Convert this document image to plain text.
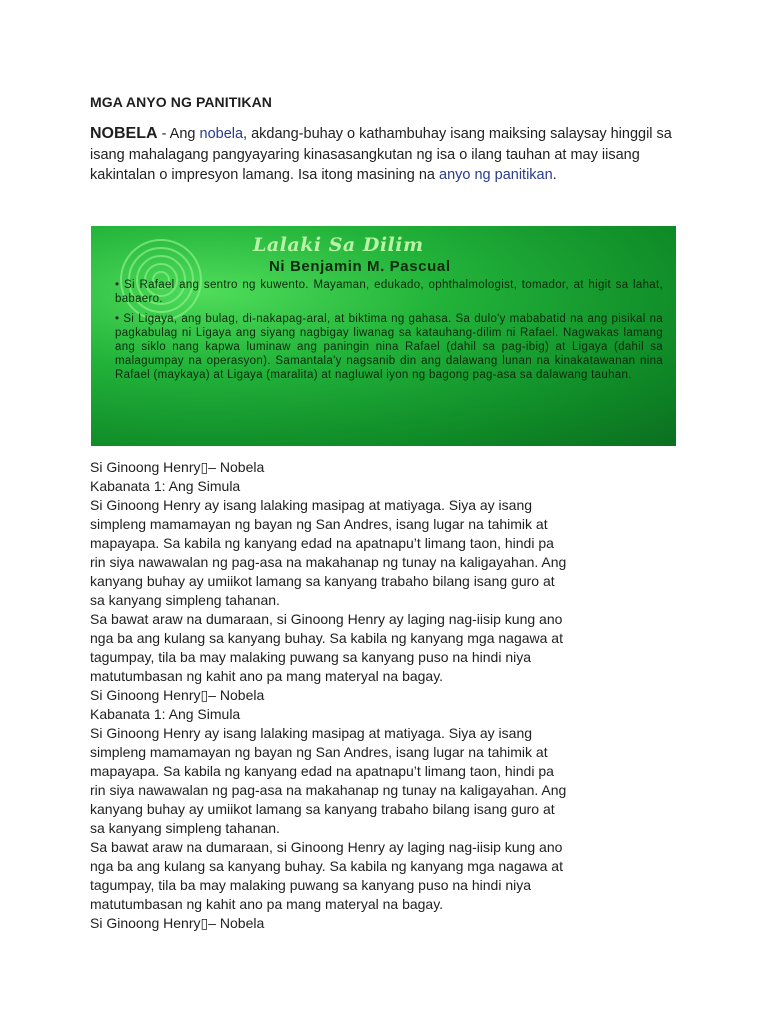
MGA ANYO NG PANITIKAN
NOBELA - Ang nobela, akdang-buhay o kathambuhay isang maiksing salaysay hinggil sa isang mahalagang pangyayaring kinasasangkutan ng isa o ilang tauhan at may iisang kakintalan o impresyon lamang. Isa itong masining na anyo ng panitikan.
Lalaki Sa Dilim
Ni Benjamin M. Pascual

• Si Rafael ang sentro ng kuwento. Mayaman, edukado, ophthalmologist, tomador, at higit sa lahat, babaero.

• Si Ligaya, ang bulag, di-nakapag-aral, at biktima ng gahasa. Sa dulo'y mababatid na ang pisikal na pagkabulag ni Ligaya ang siyang nagbigay liwanag sa katauhang-dilim ni Rafael. Nagwakas lamang ang siklo nang kapwa luminaw ang paningin nina Rafael (dahil sa pag-ibig) at Ligaya (dahil sa malagumpay na operasyon). Samantala'y nagsanib din ang dalawang lunan na kinakatawanan nina Rafael (maykaya) at Ligaya (maralita) at nagluwal iyon ng bagong pag-asa sa dalawang tauhan.

Si Ginoong Henry▯– Nobela
Kabanata 1: Ang Simula
Si Ginoong Henry ay isang lalaking masipag at matiyaga. Siya ay isang
simpleng mamamayan ng bayan ng San Andres, isang lugar na tahimik at
mapayapa. Sa kabila ng kanyang edad na apatnapu’t limang taon, hindi pa
rin siya nawawalan ng pag-asa na makahanap ng tunay na kaligayahan. Ang
kanyang buhay ay umiikot lamang sa kanyang trabaho bilang isang guro at
sa kanyang simpleng tahanan.
Sa bawat araw na dumaraan, si Ginoong Henry ay laging nag-iisip kung ano
nga ba ang kulang sa kanyang buhay. Sa kabila ng kanyang mga nagawa at
tagumpay, tila ba may malaking puwang sa kanyang puso na hindi niya
matutumbasan ng kahit ano pa mang materyal na bagay.
Si Ginoong Henry▯– Nobela
Kabanata 1: Ang Simula
Si Ginoong Henry ay isang lalaking masipag at matiyaga. Siya ay isang
simpleng mamamayan ng bayan ng San Andres, isang lugar na tahimik at
mapayapa. Sa kabila ng kanyang edad na apatnapu’t limang taon, hindi pa
rin siya nawawalan ng pag-asa na makahanap ng tunay na kaligayahan. Ang
kanyang buhay ay umiikot lamang sa kanyang trabaho bilang isang guro at
sa kanyang simpleng tahanan.
Sa bawat araw na dumaraan, si Ginoong Henry ay laging nag-iisip kung ano
nga ba ang kulang sa kanyang buhay. Sa kabila ng kanyang mga nagawa at
tagumpay, tila ba may malaking puwang sa kanyang puso na hindi niya
matutumbasan ng kahit ano pa mang materyal na bagay.
Si Ginoong Henry▯– Nobela
